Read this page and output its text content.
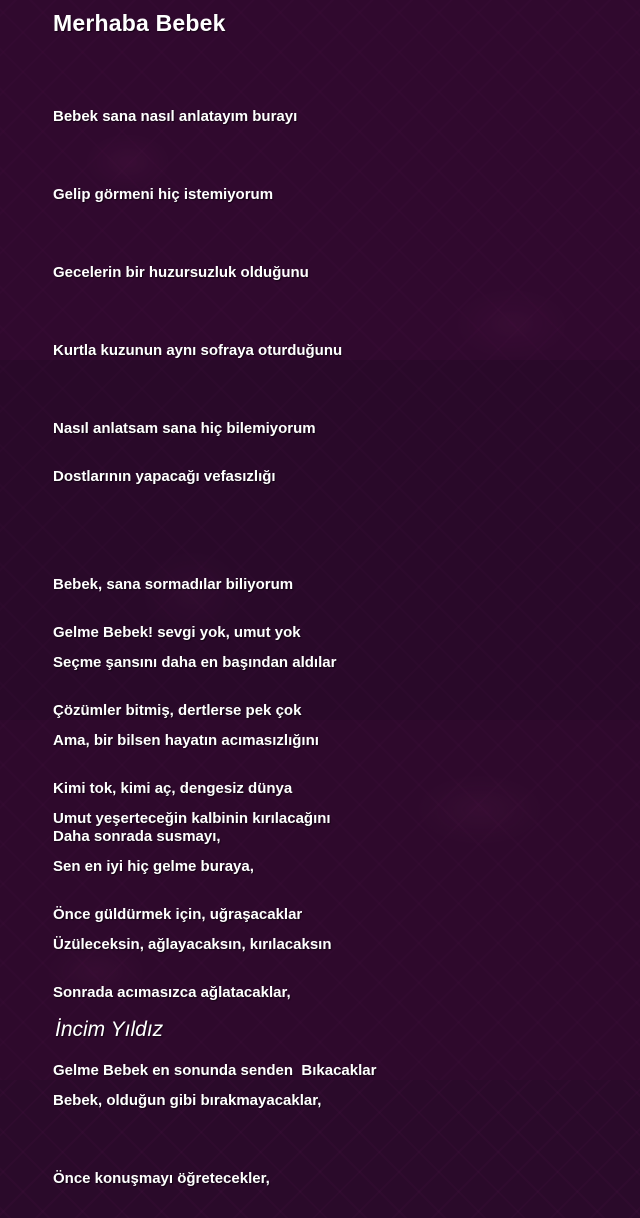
Merhaba Bebek

Bebek sana nasıl anlatayım burayı

Gelip görmeni hiç istemiyorum

Gecelerin bir huzursuzluk olduğunu

Kurtla kuzunun aynı sofraya oturduğunu

Nasıl anlatsam sana hiç bilemiyorum

Bebek, sana sormadılar biliyorum

Seçme şansını daha en başından aldılar

Ama, bir bilsen hayatın acımasızlığını

Umut yeşerteceğin kalbinin kırılacağını

Dostlarının yapacağı vefasızlığı

Gelme Bebek! sevgi yok, umut yok

Çözümler bitmiş, dertlerse pek çok

Kimi tok, kimi aç, dengesiz dünya

Sen en iyi hiç gelme buraya,

Üzüleceksin, ağlayacaksın, kırılacaksın

Bebek, olduğun gibi bırakmayacaklar,

Önce konuşmayı öğretecekler,

Daha sonrada susmayı,

Önce güldürmek için, uğraşacaklar

Sonrada acımasızca ağlatacaklar,

Gelme Bebek en sonunda senden  Bıkacaklar

İncim Yıldız
